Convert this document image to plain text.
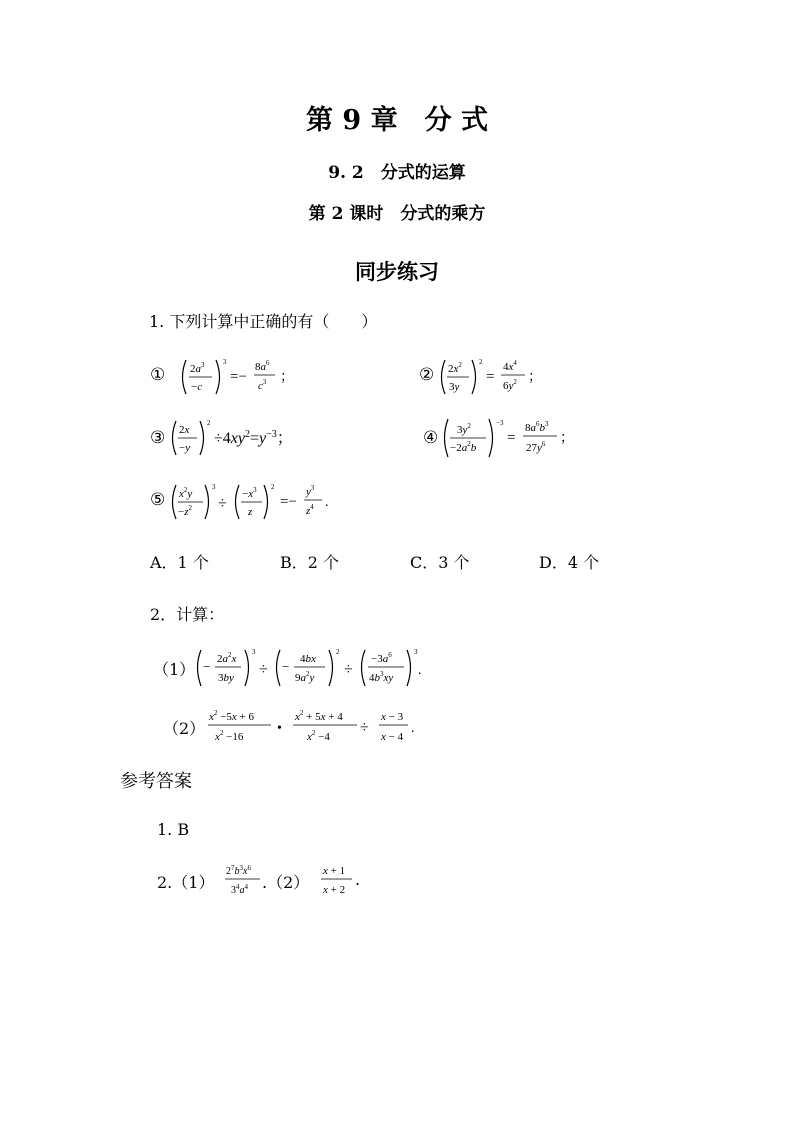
第 9 章　分 式
9. 2　分式的运算
第 2 课时　分式的乘方
同步练习
1. 下列计算中正确的有（　　）
① $2a^3$
−c
3
=−
$8a^6$
$c^3$ ；	② $2x^2$
3y
2
=
$4x^4$
$6y^2$ ；
③ 2x
−y
2
$\div 4xy^2=y^{-3}$；	④ $3y^2$
$-2a^2b$
−3
=
$8a^6b^3$
$27y^6$ ；
⑤ $x^2y$
$-z^2$
3
÷
$-x^3$
z
2
=−
$y^3$
$z^4$ .
A．1 个	B．2 个	C．3 个	D．4 个
2．计算：
$(1) - 2a^2x$
3by
3
÷ − 4bx
$9a^2y$
2
÷
$-3a^6$
$4b^3xy$
3
.
（2）
$x^2 -5x + 6$
$x^2 -16$
•
$x^2 + 5x + 4$
$x^2 -4$
÷
x − 3
x − 4
.
参考答案
1. B
2.（1）
$2^7b^3x^6$
$3^4a^4$ .（2）
x + 1
x + 2
.
